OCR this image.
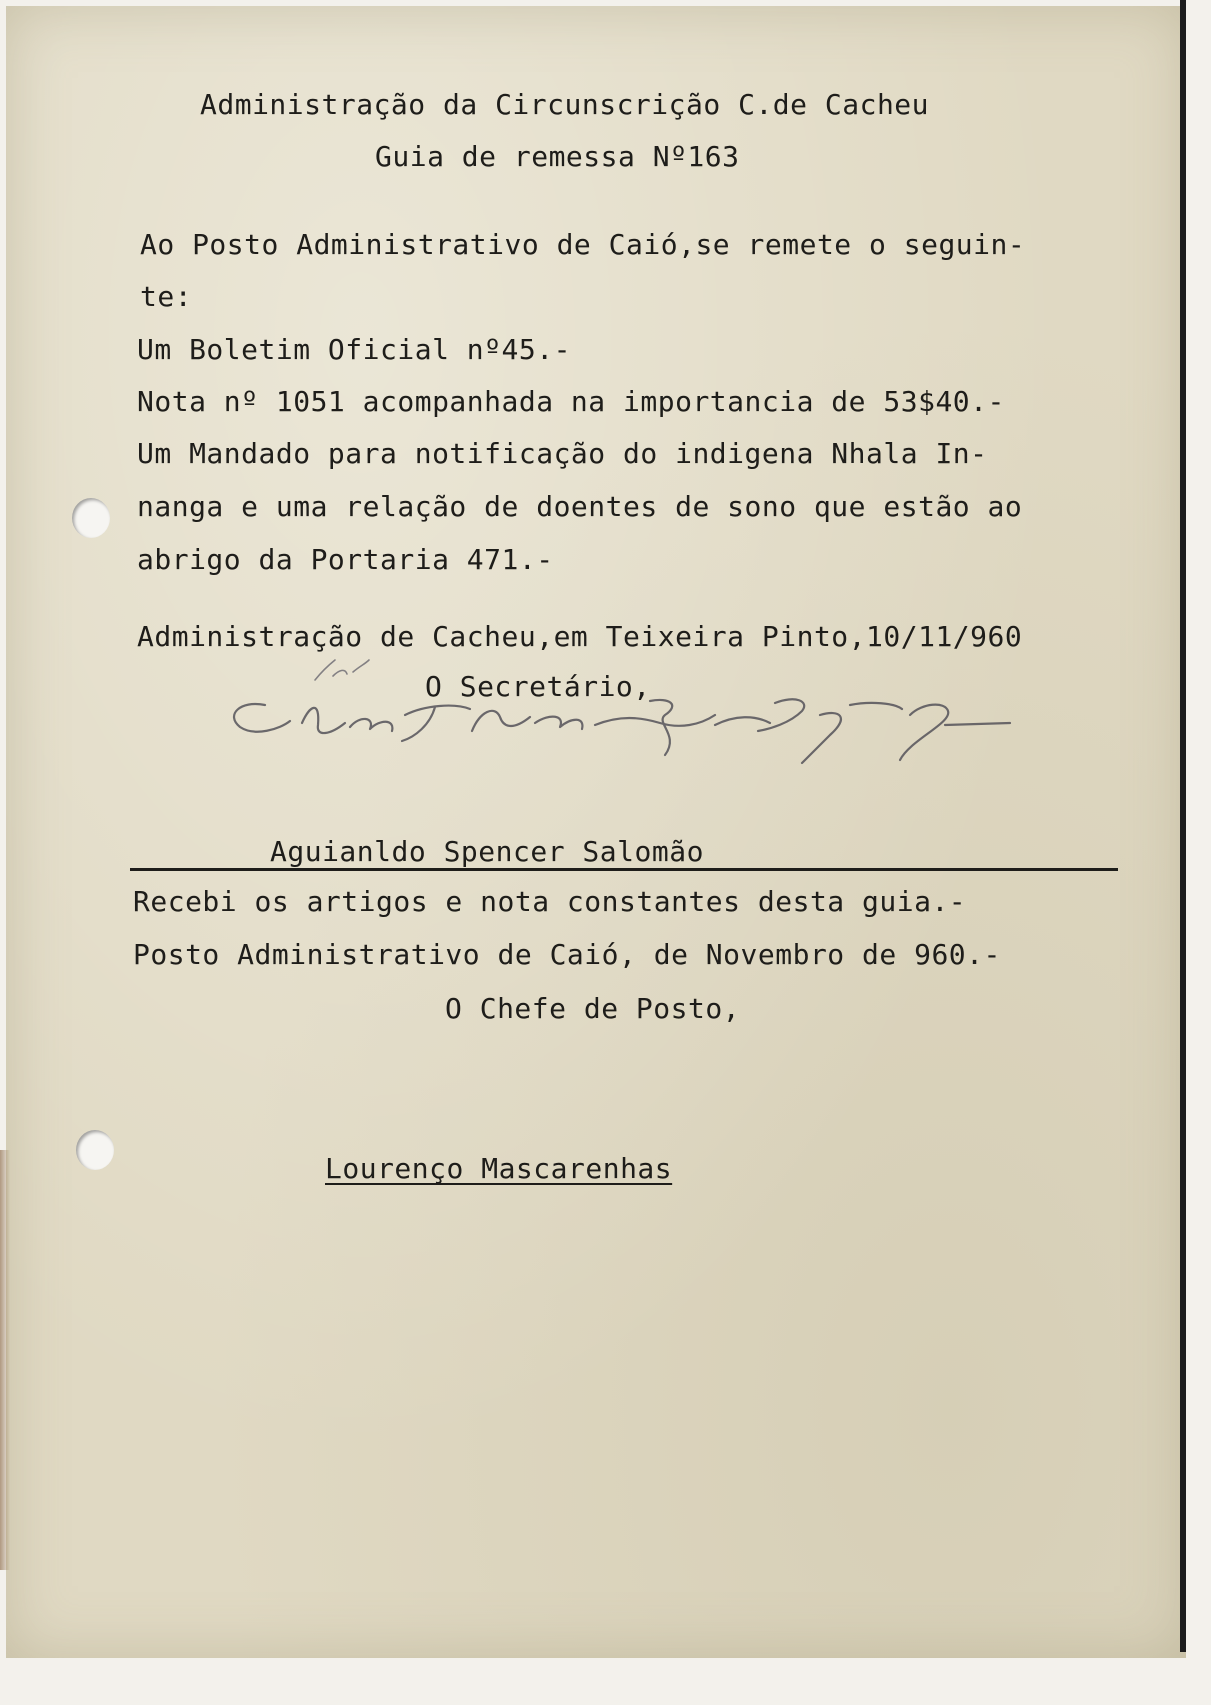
Administração da Circunscrição C.de Cacheu
Guia de remessa Nº163
Ao Posto Administrativo de Caió,se remete o seguin-
te:
Um Boletim Oficial nº45.-
Nota nº 1051 acompanhada na importancia de 53$40.-
Um Mandado para notificação do indigena Nhala In-
nanga e uma relação de doentes de sono que estão ao
abrigo da Portaria 471.-
Administração de Cacheu,em Teixeira Pinto,10/11/960
O Secretário,
Aguianldo Spencer Salomão
Recebi os artigos e nota constantes desta guia.-
Posto Administrativo de Caió, de Novembro de 960.-
O Chefe de Posto,
Lourenço Mascarenhas
